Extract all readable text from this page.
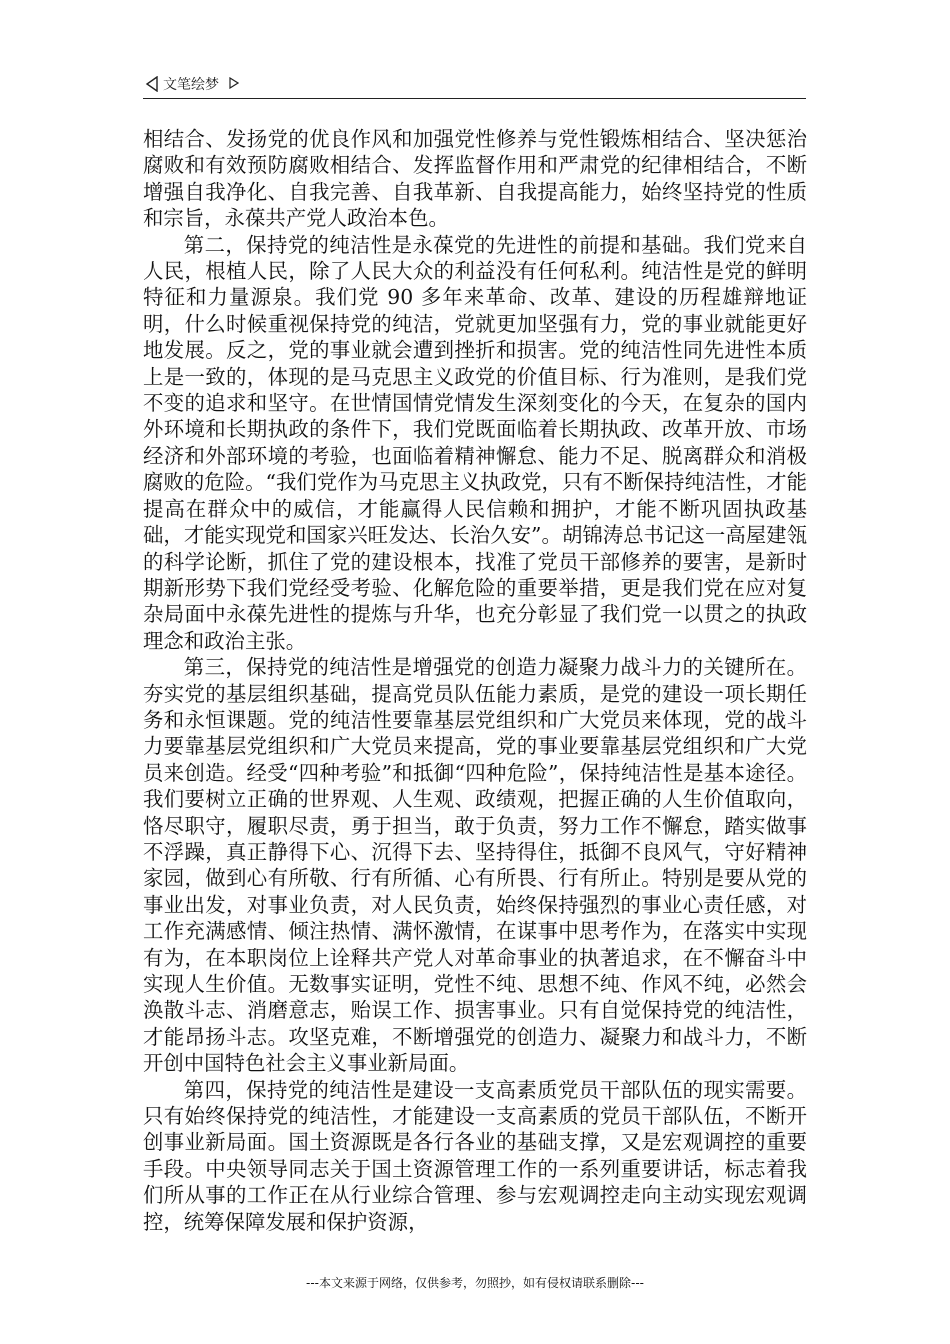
文笔绘梦

相结合、发扬党的优良作风和加强党性修养与党性锻炼相结合、坚决惩治腐败和有效预防腐败相结合、发挥监督作用和严肃党的纪律相结合，不断增强自我净化、自我完善、自我革新、自我提高能力，始终坚持党的性质和宗旨，永葆共产党人政治本色。

第二，保持党的纯洁性是永葆党的先进性的前提和基础。我们党来自人民，根植人民，除了人民大众的利益没有任何私利。纯洁性是党的鲜明特征和力量源泉。我们党 90 多年来革命、改革、建设的历程雄辩地证明，什么时候重视保持党的纯洁，党就更加坚强有力，党的事业就能更好地发展。反之，党的事业就会遭到挫折和损害。党的纯洁性同先进性本质上是一致的，体现的是马克思主义政党的价值目标、行为准则，是我们党不变的追求和坚守。在世情国情党情发生深刻变化的今天，在复杂的国内外环境和长期执政的条件下，我们党既面临着长期执政、改革开放、市场经济和外部环境的考验，也面临着精神懈怠、能力不足、脱离群众和消极腐败的危险。“我们党作为马克思主义执政党，只有不断保持纯洁性，才能提高在群众中的威信，才能赢得人民信赖和拥护，才能不断巩固执政基础，才能实现党和国家兴旺发达、长治久安”。胡锦涛总书记这一高屋建瓴的科学论断，抓住了党的建设根本，找准了党员干部修养的要害，是新时期新形势下我们党经受考验、化解危险的重要举措，更是我们党在应对复杂局面中永葆先进性的提炼与升华，也充分彰显了我们党一以贯之的执政理念和政治主张。

第三，保持党的纯洁性是增强党的创造力凝聚力战斗力的关键所在。夯实党的基层组织基础，提高党员队伍能力素质，是党的建设一项长期任务和永恒课题。党的纯洁性要靠基层党组织和广大党员来体现，党的战斗力要靠基层党组织和广大党员来提高，党的事业要靠基层党组织和广大党员来创造。经受“四种考验”和抵御“四种危险”，保持纯洁性是基本途径。我们要树立正确的世界观、人生观、政绩观，把握正确的人生价值取向，恪尽职守，履职尽责，勇于担当，敢于负责，努力工作不懈怠，踏实做事不浮躁，真正静得下心、沉得下去、坚持得住，抵御不良风气，守好精神家园，做到心有所敬、行有所循、心有所畏、行有所止。特别是要从党的事业出发，对事业负责，对人民负责，始终保持强烈的事业心责任感，对工作充满感情、倾注热情、满怀激情，在谋事中思考作为，在落实中实现有为，在本职岗位上诠释共产党人对革命事业的执著追求，在不懈奋斗中实现人生价值。无数事实证明，党性不纯、思想不纯、作风不纯，必然会涣散斗志、消磨意志，贻误工作、损害事业。只有自觉保持党的纯洁性，才能昂扬斗志。攻坚克难，不断增强党的创造力、凝聚力和战斗力，不断开创中国特色社会主义事业新局面。

第四，保持党的纯洁性是建设一支高素质党员干部队伍的现实需要。只有始终保持党的纯洁性，才能建设一支高素质的党员干部队伍，不断开创事业新局面。国土资源既是各行各业的基础支撑，又是宏观调控的重要手段。中央领导同志关于国土资源管理工作的一系列重要讲话，标志着我们所从事的工作正在从行业综合管理、参与宏观调控走向主动实现宏观调控，统筹保障发展和保护资源，

---本文来源于网络，仅供参考，勿照抄，如有侵权请联系删除---
